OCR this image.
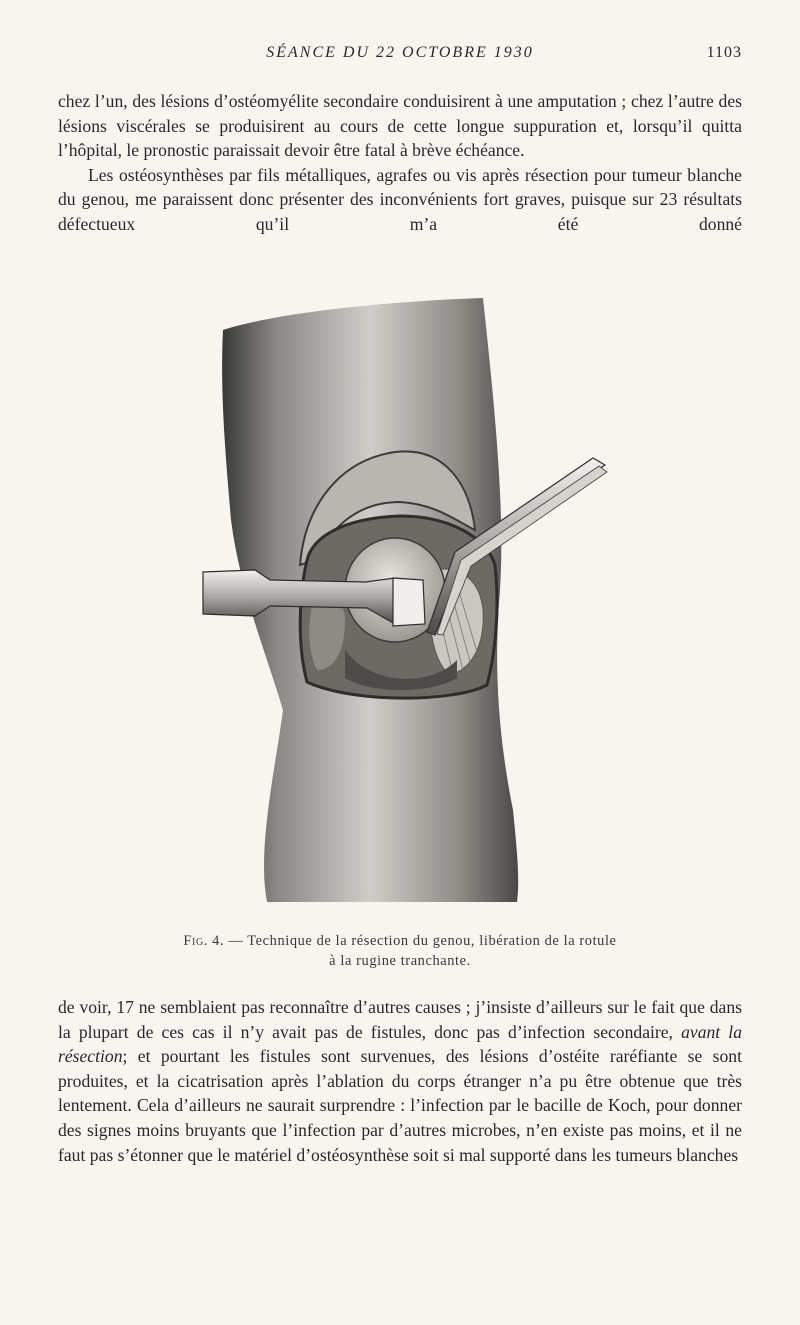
SÉANCE DU 22 OCTOBRE 1930	1103

chez l’un, des lésions d’ostéomyélite secondaire conduisirent à une amputation ; chez l’autre des lésions viscérales se produisirent au cours de cette longue suppuration et, lorsqu’il quitta l’hôpital, le pronostic paraissait devoir être fatal à brève échéance.

Les ostéosynthèses par fils métalliques, agrafes ou vis après résection pour tumeur blanche du genou, me paraissent donc présenter des inconvénients fort graves, puisque sur 23 résultats défectueux qu’il m’a été donné

Fig. 4. — Technique de la résection du genou, libération de la rotule
à la rugine tranchante.

de voir, 17 ne semblaient pas reconnaître d’autres causes ; j’insiste d’ailleurs sur le fait que dans la plupart de ces cas il n’y avait pas de fistules, donc pas d’infection secondaire, avant la résection; et pourtant les fistules sont survenues, des lésions d’ostéite raréfiante se sont produites, et la cicatrisation après l’ablation du corps étranger n’a pu être obtenue que très lentement. Cela d’ailleurs ne saurait surprendre : l’infection par le bacille de Koch, pour donner des signes moins bruyants que l’infection par d’autres microbes, n’en existe pas moins, et il ne faut pas s’étonner que le matériel d’ostéosynthèse soit si mal supporté dans les tumeurs blanches
